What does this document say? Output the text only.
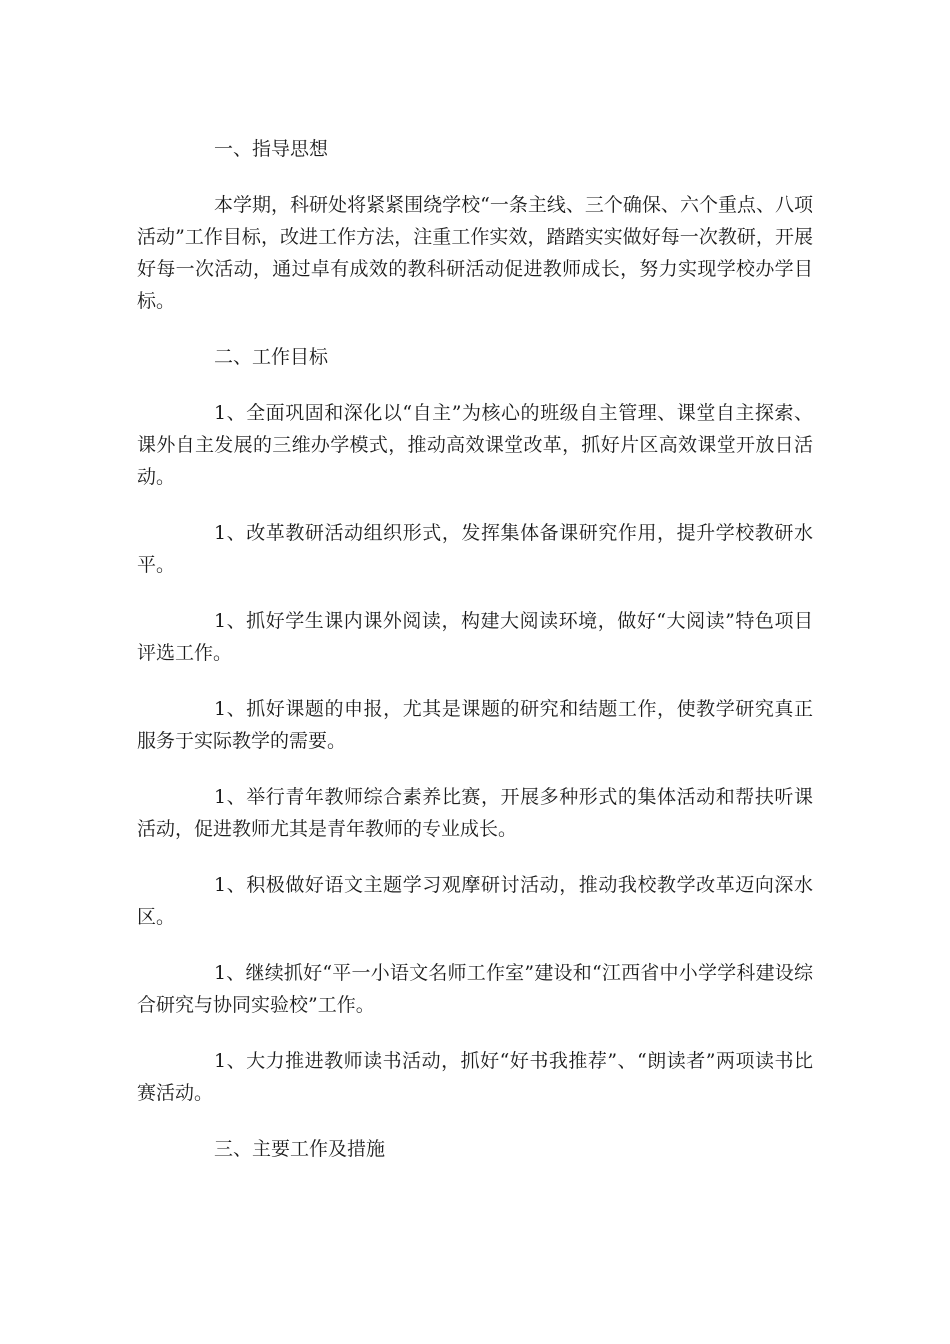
一、指导思想

本学期，科研处将紧紧围绕学校“一条主线、三个确保、六个重点、八项活动”工作目标，改进工作方法，注重工作实效，踏踏实实做好每一次教研，开展好每一次活动，通过卓有成效的教科研活动促进教师成长，努力实现学校办学目标。

二、工作目标

1、全面巩固和深化以“自主”为核心的班级自主管理、课堂自主探索、课外自主发展的三维办学模式，推动高效课堂改革，抓好片区高效课堂开放日活动。

1、改革教研活动组织形式，发挥集体备课研究作用，提升学校教研水平。

1、抓好学生课内课外阅读，构建大阅读环境，做好“大阅读”特色项目评选工作。

1、抓好课题的申报，尤其是课题的研究和结题工作，使教学研究真正服务于实际教学的需要。

1、举行青年教师综合素养比赛，开展多种形式的集体活动和帮扶听课活动，促进教师尤其是青年教师的专业成长。

1、积极做好语文主题学习观摩研讨活动，推动我校教学改革迈向深水区。

1、继续抓好“平一小语文名师工作室”建设和“江西省中小学学科建设综合研究与协同实验校”工作。

1、大力推进教师读书活动，抓好“好书我推荐”、“朗读者”两项读书比赛活动。

三、主要工作及措施
